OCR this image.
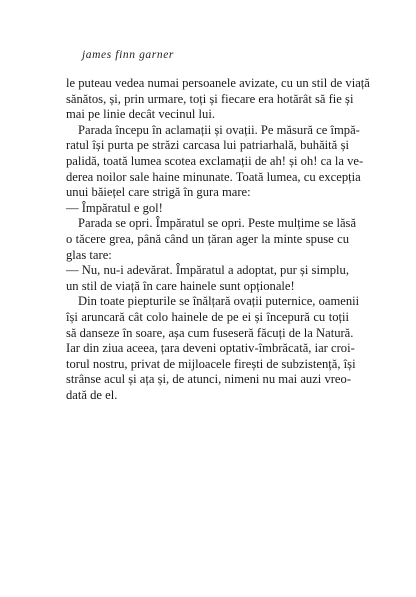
james finn garner
le puteau vedea numai persoanele avizate, cu un stil de viață
sănătos, și, prin urmare, toți și fiecare era hotărât să fie și
mai pe linie decât vecinul lui.
Parada începu în aclamații și ovații. Pe măsură ce împă-
ratul își purta pe străzi carcasa lui patriarhală, buhăită și
palidă, toată lumea scotea exclamații de ah! și oh! ca la ve-
derea noilor sale haine minunate. Toată lumea, cu excepția
unui băiețel care strigă în gura mare:
— Împăratul e gol!
Parada se opri. Împăratul se opri. Peste mulțime se lăsă
o tăcere grea, până când un țăran ager la minte spuse cu
glas tare:
— Nu, nu-i adevărat. Împăratul a adoptat, pur și simplu,
un stil de viață în care hainele sunt opționale!
Din toate piepturile se înălțară ovații puternice, oamenii
își aruncară cât colo hainele de pe ei și începură cu toții
să danseze în soare, așa cum fuseseră făcuți de la Natură.
Iar din ziua aceea, țara deveni optativ-îmbrăcată, iar croi-
torul nostru, privat de mijloacele firești de subzistență, își
strânse acul și ața și, de atunci, nimeni nu mai auzi vreo-
dată de el.
